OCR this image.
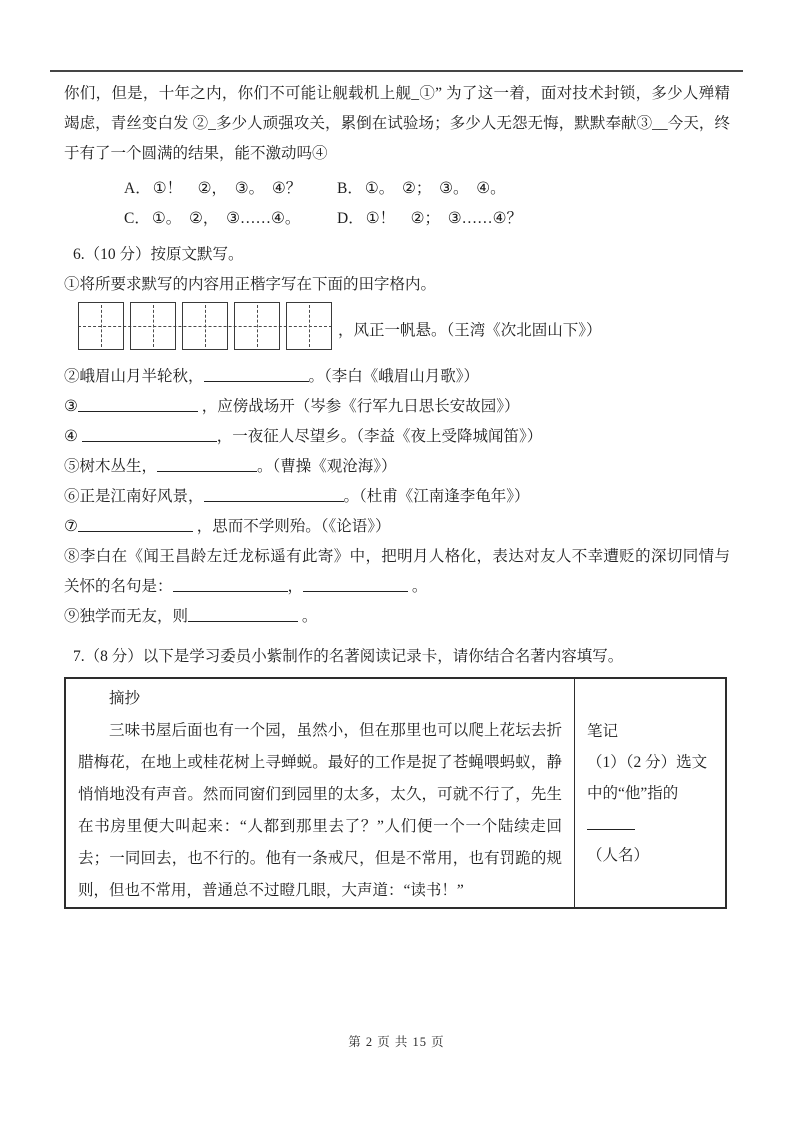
你们，但是，十年之内，你们不可能让舰载机上舰_①” 为了这一着，面对技术封锁，多少人殚精竭虑，青丝变白发 ②_多少人顽强攻关，累倒在试验场；多少人无怨无悔，默默奉献③__今天，终于有了一个圆满的结果，能不激动吗④

A． ①！　②，　③。　④？ B． ①。　②；　③。　④。
C． ①。　②，　③……④。 D． ①！　②；　③……④？

6.（10 分）按原文默写。

①将所要求默写的内容用正楷字写在下面的田字格内。

，风正一帆悬。（王湾《次北固山下》）

②峨眉山月半轮秋，	。（李白《峨眉山月歌》）

③	，应傍战场开（岑参《行军九日思长安故园》）

④	，一夜征人尽望乡。（李益《夜上受降城闻笛》）

⑤树木丛生，	。（曹操《观沧海》）

⑥正是江南好风景，	。（杜甫《江南逢李龟年》）

⑦	，思而不学则殆。（《论语》）

⑧李白在《闻王昌龄左迁龙标遥有此寄》中，把明月人格化，表达对友人不幸遭贬的深切同情与关怀的名句是：	，	。

⑨独学而无友，则	。

7.（8 分）以下是学习委员小紫制作的名著阅读记录卡，请你结合名著内容填写。

摘抄

三味书屋后面也有一个园，虽然小，但在那里也可以爬上花坛去折腊梅花，在地上或桂花树上寻蝉蜕。最好的工作是捉了苍蝇喂蚂蚁，静悄悄地没有声音。然而同窗们到园里的太多，太久，可就不行了，先生在书房里便大叫起来：“人都到那里去了？”人们便一个一个陆续走回去；一同回去，也不行的。他有一条戒尺，但是不常用，也有罚跪的规则，但也不常用，普通总不过瞪几眼，大声道：“读书！”

笔记

（1）（2 分）选文中的“他”指的

（人名）

第 2 页 共 15 页
